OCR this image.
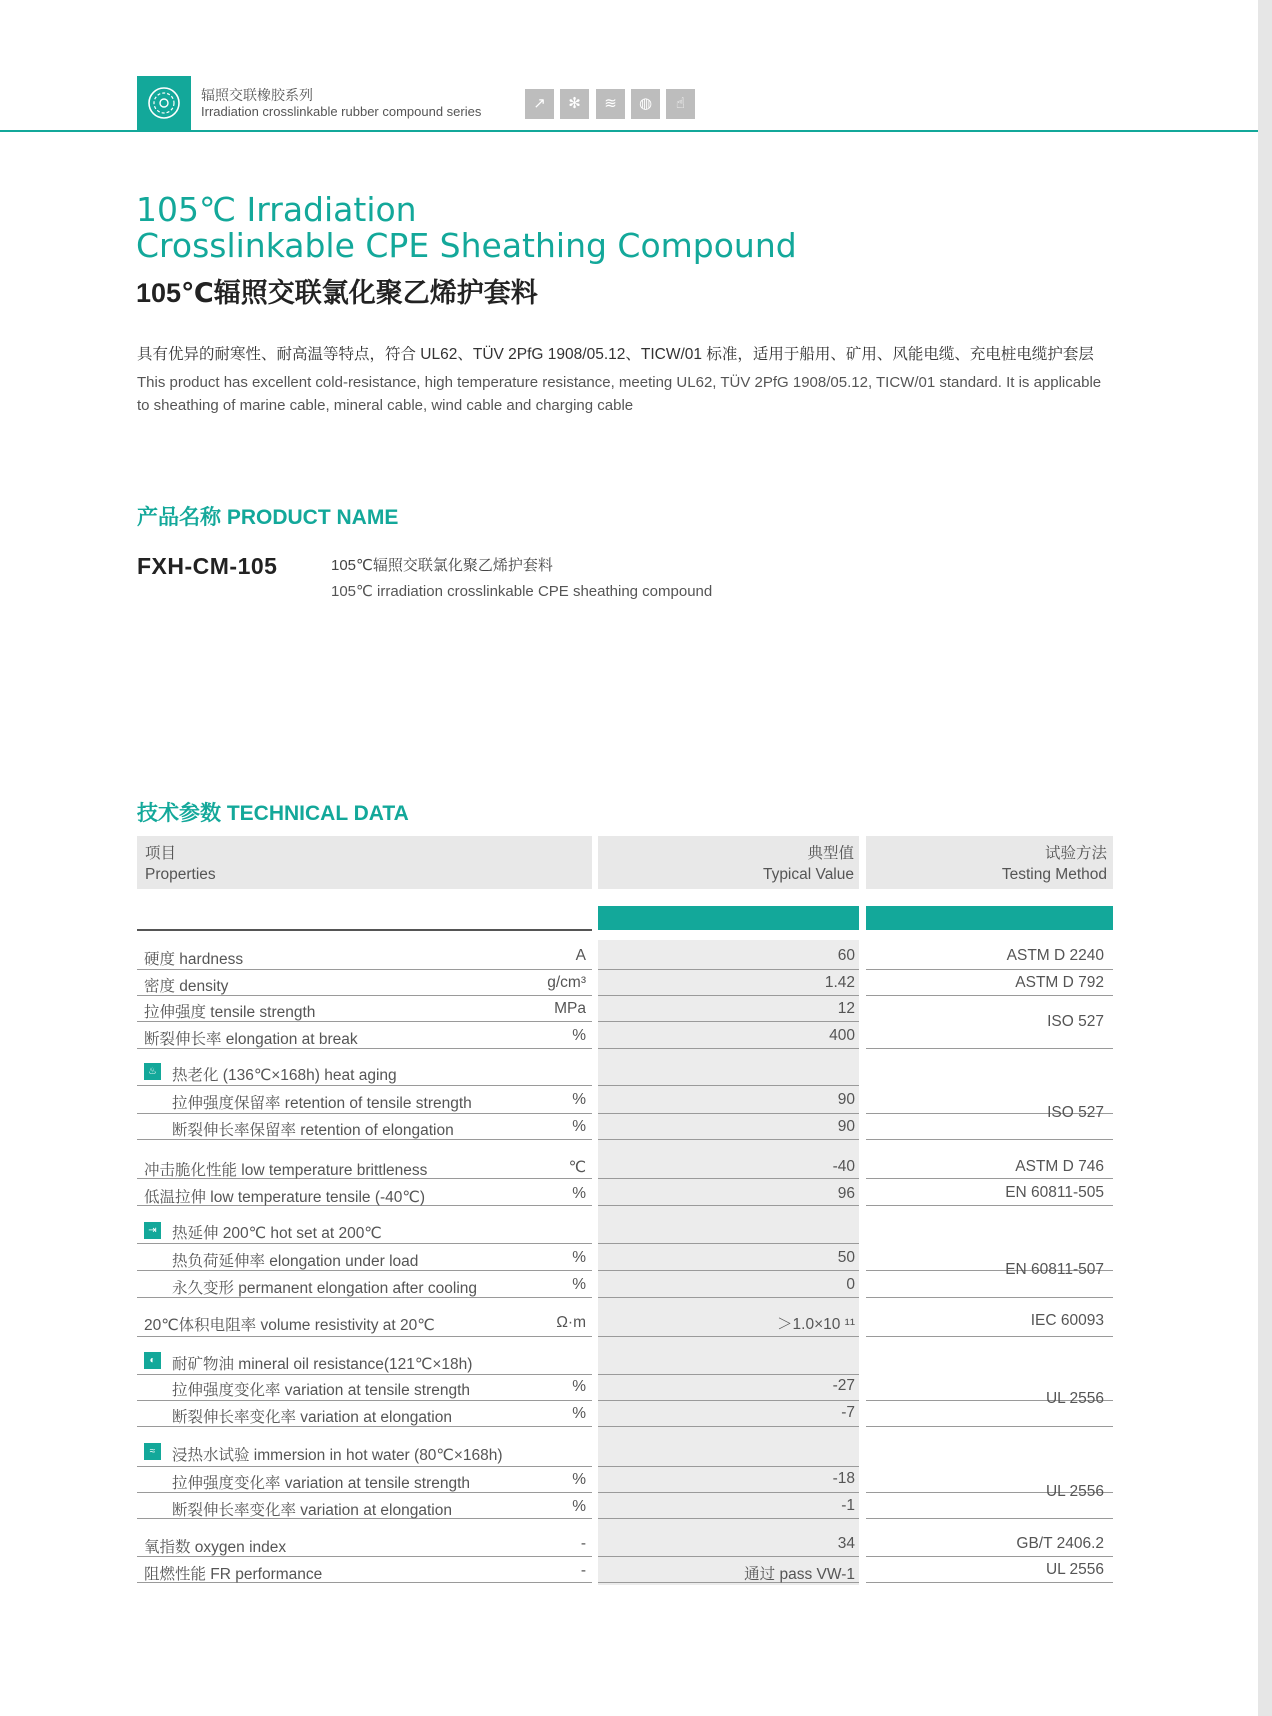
辐照交联橡胶系列
Irradiation crosslinkable rubber compound series	↗	✻	≋	◍	☝
105℃ Irradiation
Crosslinkable CPE Sheathing Compound
105℃辐照交联氯化聚乙烯护套料
具有优异的耐寒性、耐高温等特点，符合 UL62、TÜV 2PfG 1908/05.12、TICW/01 标准，适用于船用、矿用、风能电缆、充电桩电缆护套层
This product has excellent cold-resistance, high temperature resistance, meeting UL62, TÜV 2PfG 1908/05.12, TICW/01 standard. It is applicable to sheathing of marine cable, mineral cable, wind cable and charging cable
产品名称 PRODUCT NAME
FXH-CM-105	105℃辐照交联氯化聚乙烯护套料
105℃ irradiation crosslinkable CPE sheathing compound
技术参数 TECHNICAL DATA
项目
Properties
典型值
Typical Value
试验方法
Testing Method
硬度 hardness	A	60	ASTM D 2240
密度 density	g/cm³	1.42	ASTM D 792
拉伸强度 tensile strength	MPa	12
ISO 527
断裂伸长率 elongation at break	%	400
♨ 热老化 (136℃×168h) heat aging
拉伸强度保留率 retention of tensile strength	%	90
ISO 527
断裂伸长率保留率 retention of elongation	%	90
冲击脆化性能 low temperature brittleness	℃	-40	ASTM D 746
低温拉伸 low temperature tensile (-40℃)	%	96	EN 60811-505
⇥ 热延伸 200℃ hot set at 200℃
热负荷延伸率 elongation under load	%	50
EN 60811-507
永久变形 permanent elongation after cooling	%	0
20℃体积电阻率 volume resistivity at 20℃	Ω·m	＞1.0×10 ¹¹	IEC 60093
◐	耐矿物油 mineral oil resistance(121℃×18h)
拉伸强度变化率 variation at tensile strength	%	-27
UL 2556
断裂伸长率变化率 variation at elongation	%	-7
≈	浸热水试验 immersion in hot water (80℃×168h)
拉伸强度变化率 variation at tensile strength	%	-18
UL 2556
断裂伸长率变化率 variation at elongation	%	-1
氧指数 oxygen index	-	34	GB/T 2406.2
阻燃性能 FR performance	-	通过 pass VW-1	UL 2556
